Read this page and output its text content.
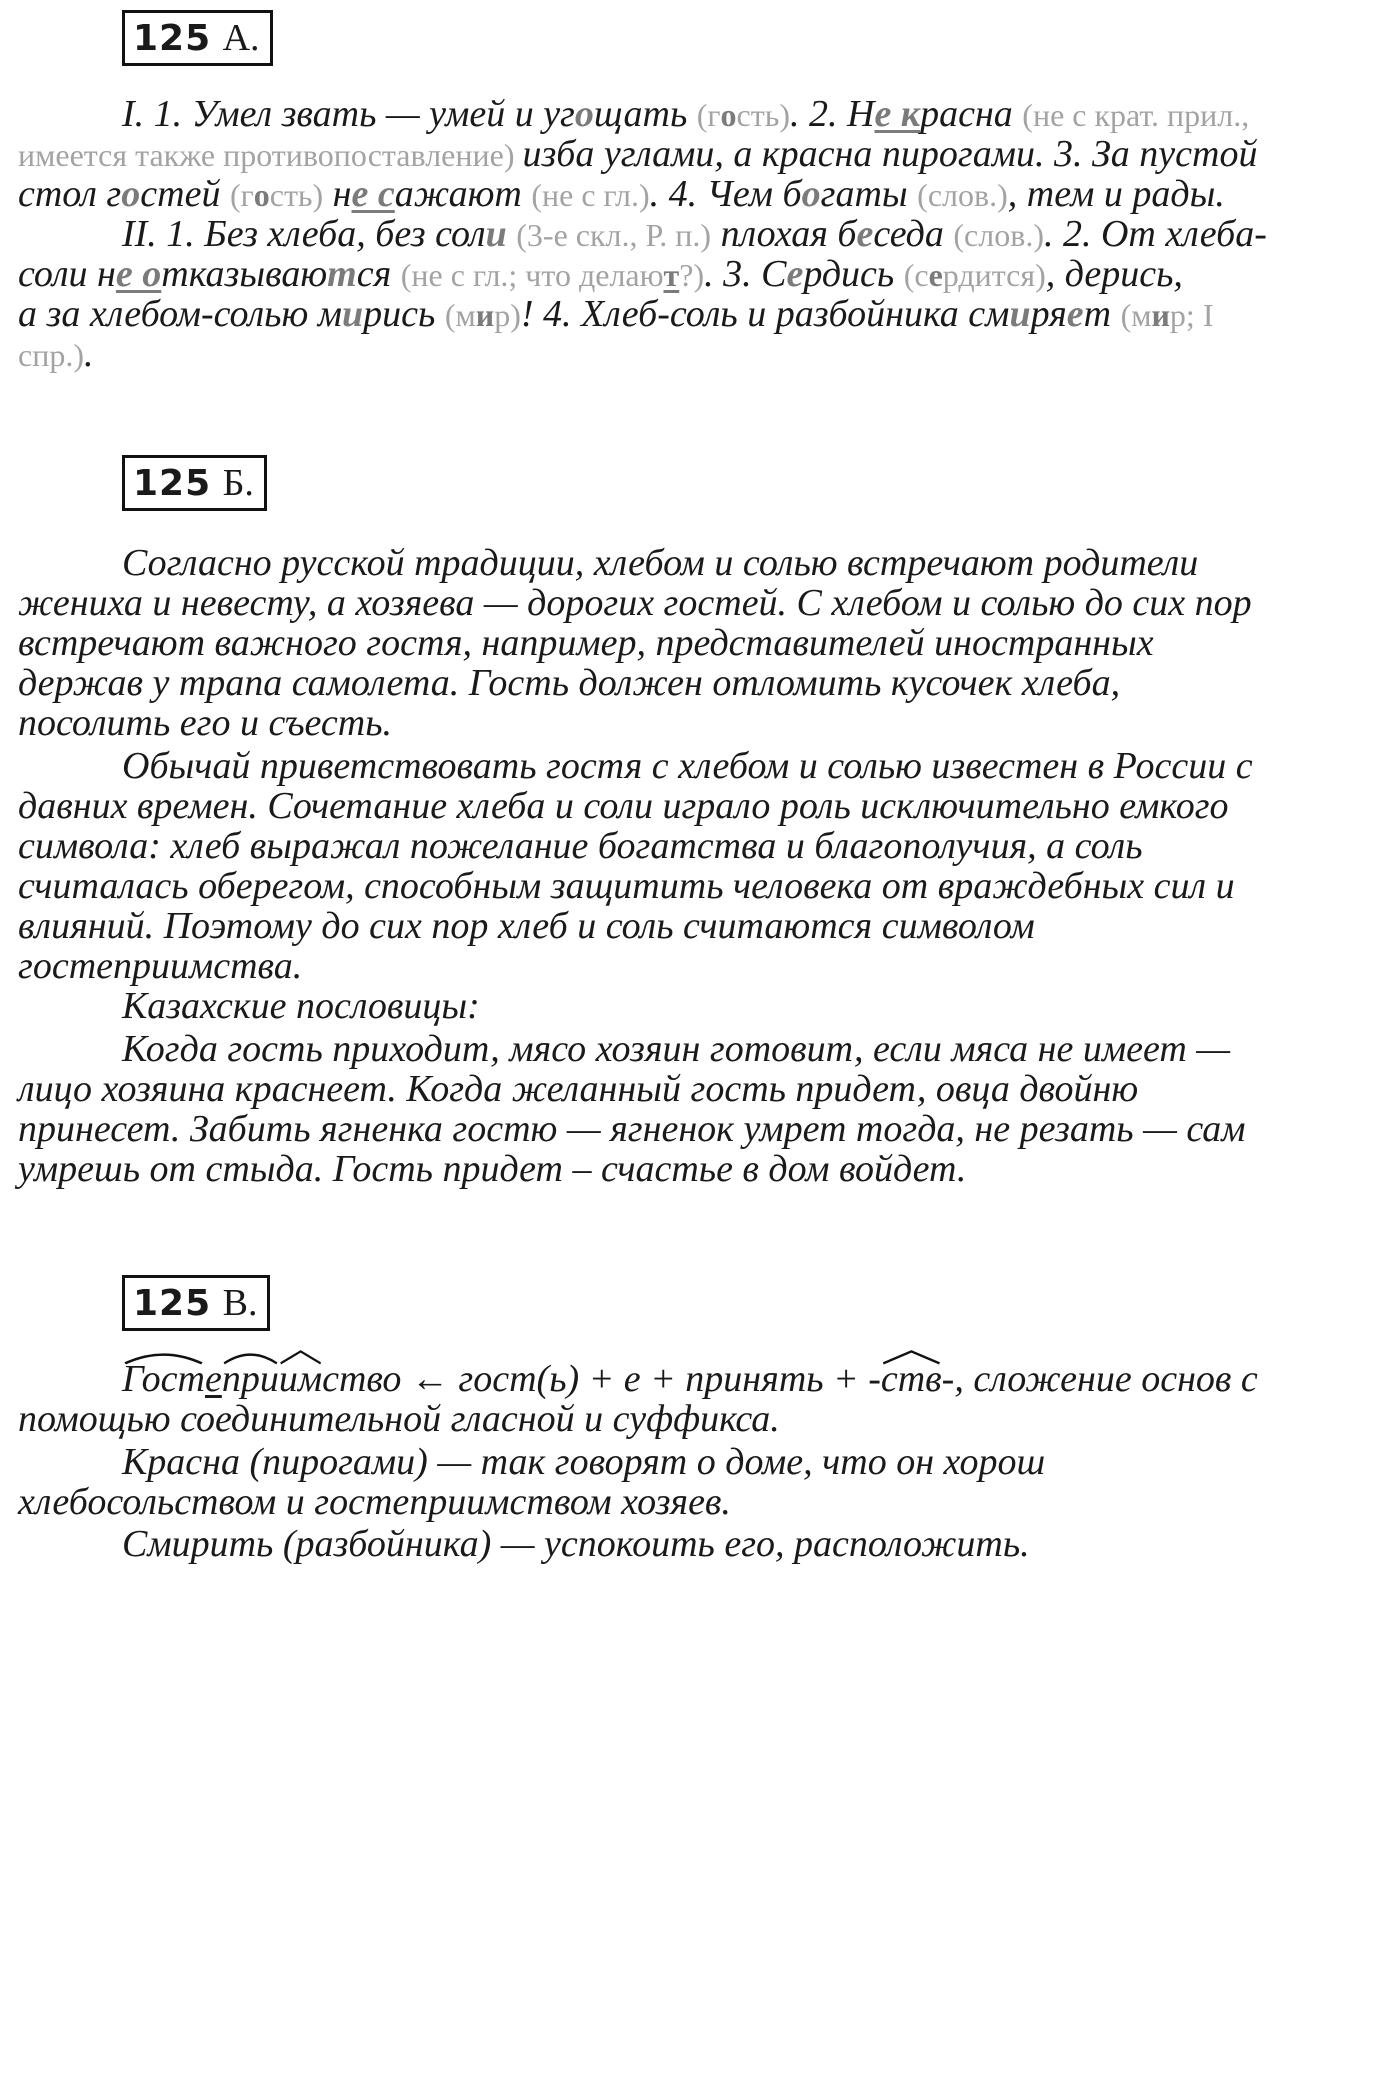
125 А.
I. 1. Умел звать — умей и угощать (гость). 2. Не красна (не с крат. прил.,
имеется также противопоставление) изба углами, а красна пирогами. 3. За пустой
стол гостей (гость) не сажают (не с гл.). 4. Чем богаты (слов.), тем и рады.
II. 1. Без хлеба, без соли (3-е скл., Р. п.) плохая беседа (слов.). 2. От хлеба-
соли не отказываются (не с гл.; что делают?). 3. Сердись (сердится), дерись,
а за хлебом-солью мирись (мир)! 4. Хлеб-соль и разбойника смиряет (мир; I
спр.).
125 Б.
Согласно русской традиции, хлебом и солью встречают родители
жениха и невесту, а хозяева — дорогих гостей. С хлебом и солью до сих пор
встречают важного гостя, например, представителей иностранных
держав у трапа самолета. Гость должен отломить кусочек хлеба,
посолить его и съесть.
Обычай приветствовать гостя с хлебом и солью известен в России с
давних времен. Сочетание хлеба и соли играло роль исключительно емкого
символа: хлеб выражал пожелание богатства и благополучия, а соль
считалась оберегом, способным защитить человека от враждебных сил и
влияний. Поэтому до сих пор хлеб и соль считаются символом
гостеприимства.
Казахские пословицы:
Когда гость приходит, мясо хозяин готовит, если мяса не имеет —
лицо хозяина краснеет. Когда желанный гость придет, овца двойню
принесет. Забить ягненка гостю — ягненок умрет тогда, не резать — сам
умрешь от стыда. Гость придет – счастье в дом войдет.
125 В.
Госте
при
имство ← гост(ь) + е + принять + -
ств-, сложение основ с
помощью соединительной гласной и суффикса.
Красна (пирогами) — так говорят о доме, что он хорош
хлебосольством и гостеприимством хозяев.
Смирить (разбойника) — успокоить его, расположить.
